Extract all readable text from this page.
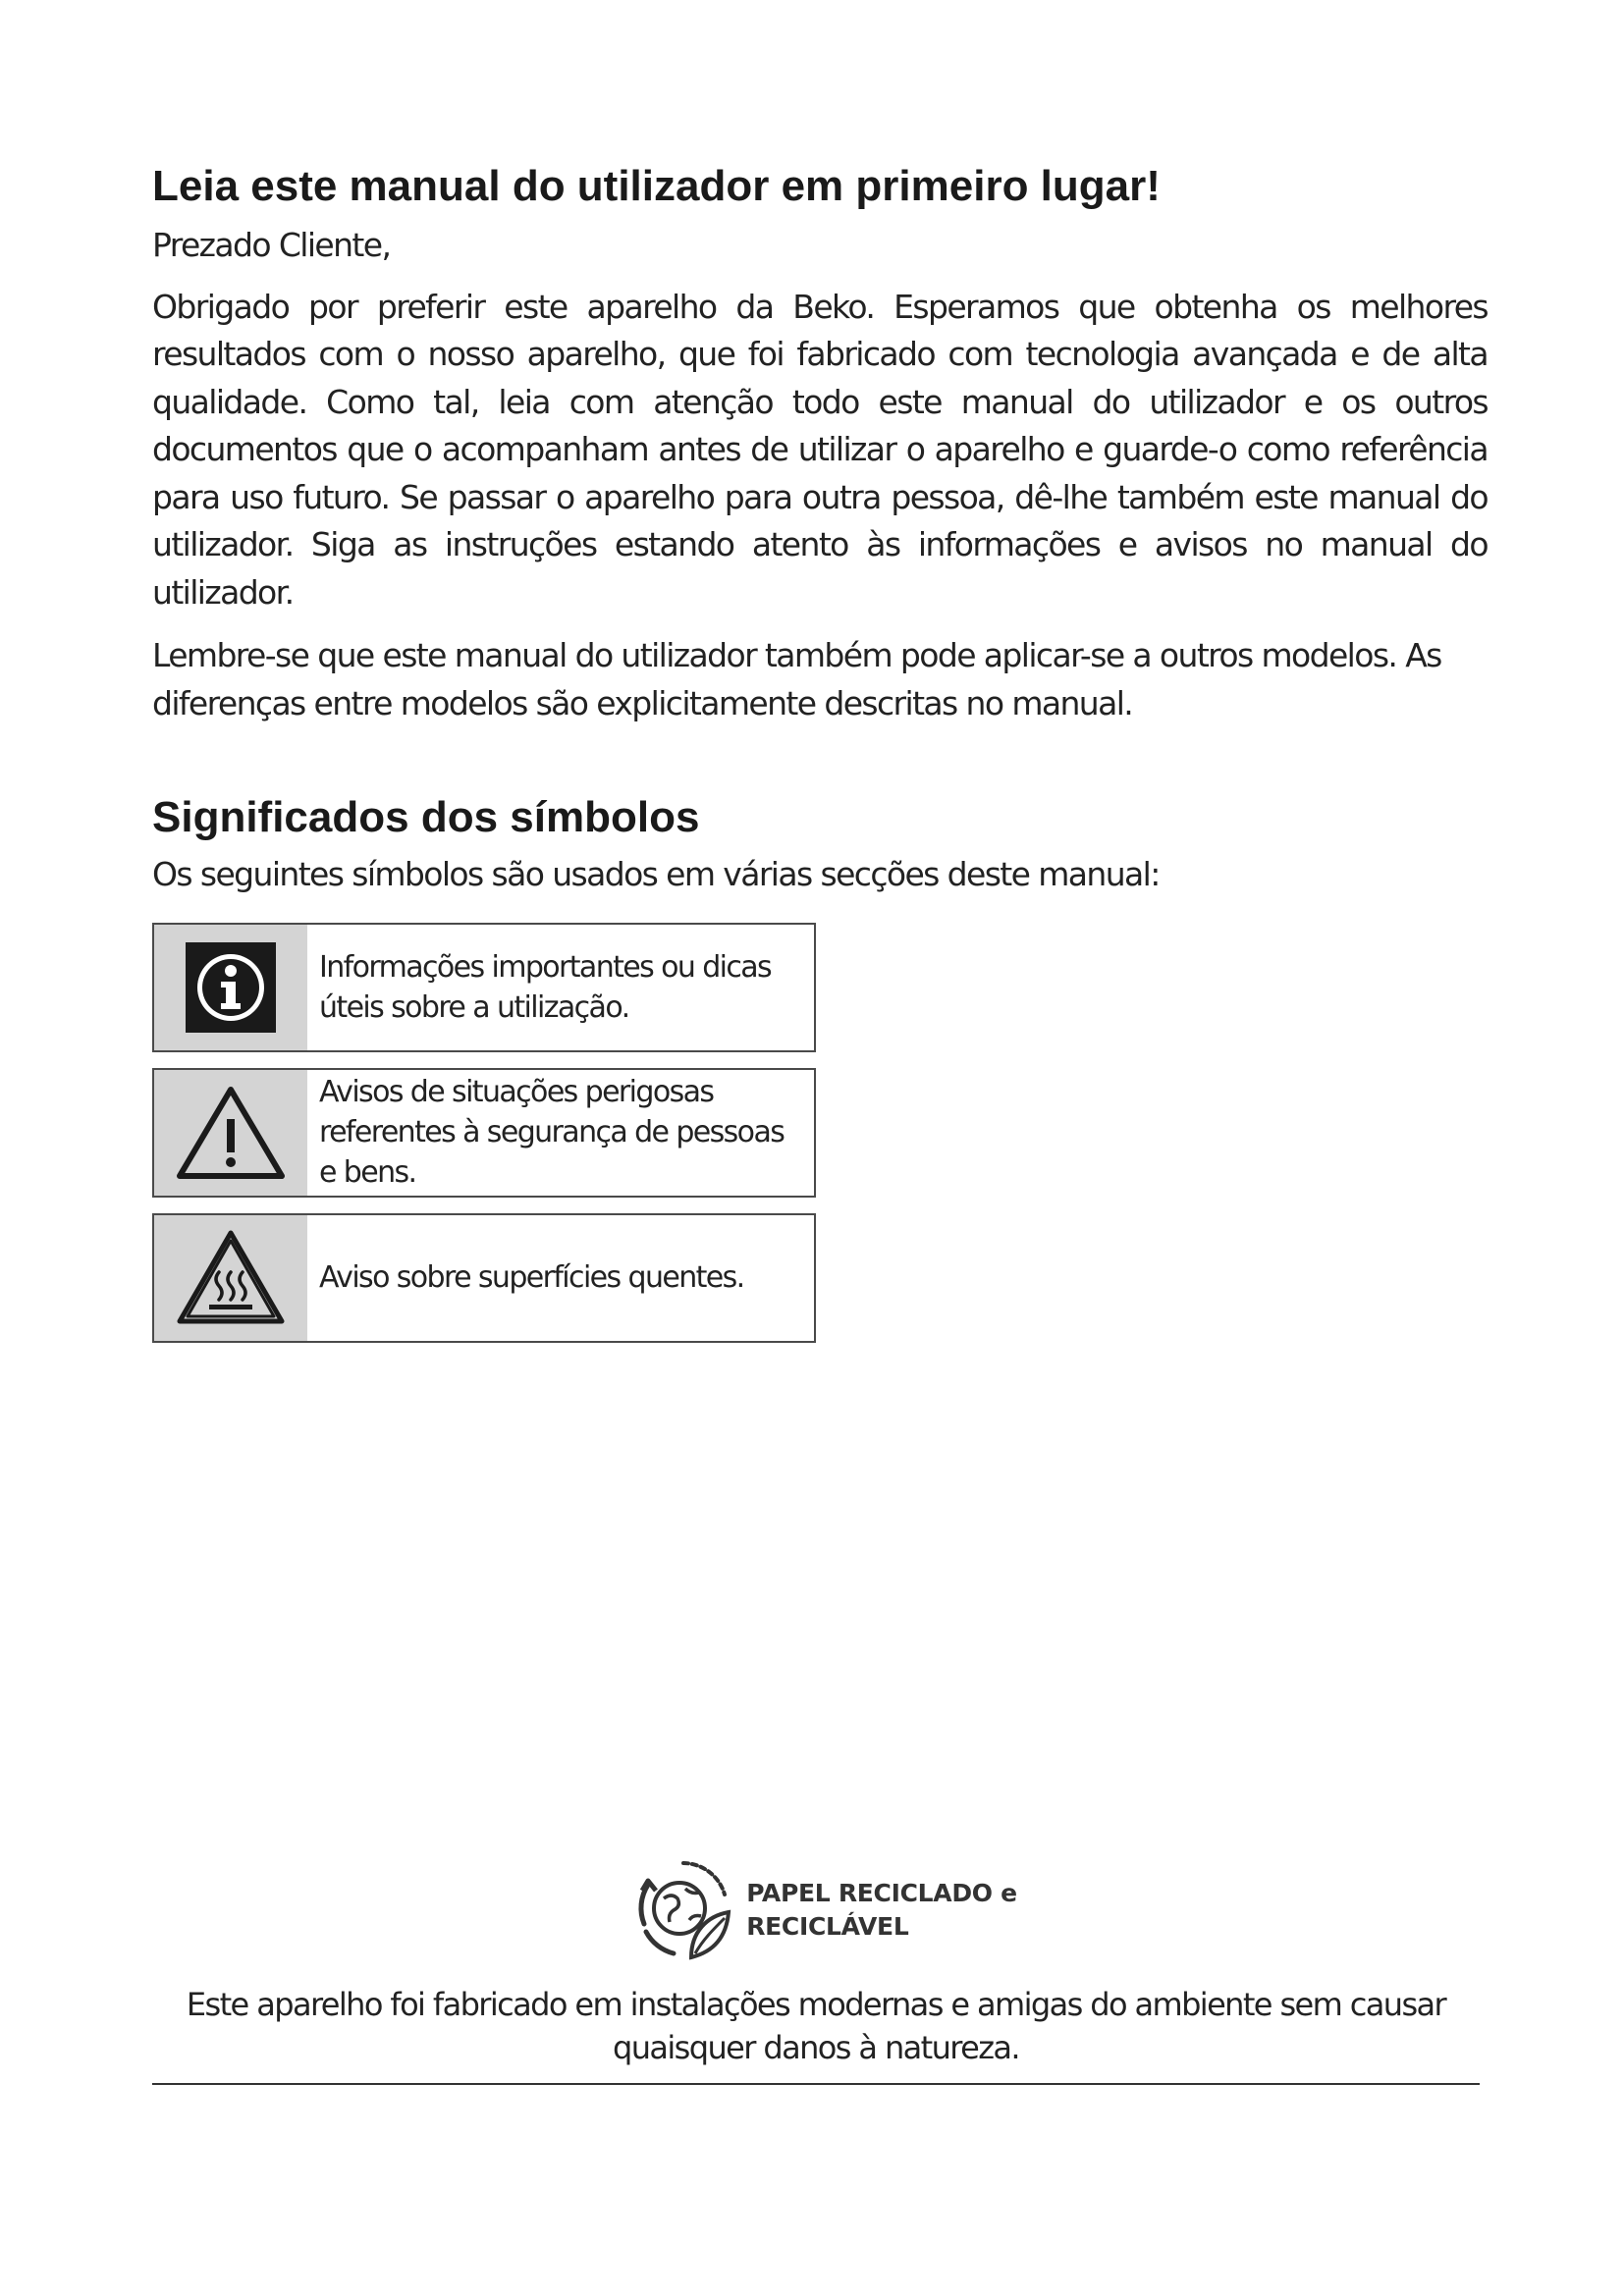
Leia este manual do utilizador em primeiro lugar!

Prezado Cliente,

Obrigado por preferir este aparelho da Beko. Esperamos que obtenha os melhores resultados com o nosso aparelho, que foi fabricado com tecnologia avançada e de alta qualidade. Como tal, leia com atenção todo este manual do utilizador e os outros documentos que o acompanham antes de utilizar o aparelho e guarde-o como referência para uso futuro. Se passar o aparelho para outra pessoa, dê-lhe também este manual do utilizador. Siga as instruções estando atento às informações e avisos no manual do utilizador.

Lembre-se que este manual do utilizador também pode aplicar-se a outros modelos. As diferenças entre modelos são explicitamente descritas no manual.

Significados dos símbolos

Os seguintes símbolos são usados em várias secções deste manual:

Informações importantes ou dicas úteis sobre a utilização.
Avisos de situações perigosas referentes à segurança de pessoas e bens.
Aviso sobre superfícies quentes.
PAPEL RECICLADO e
RECICLÁVEL
Este aparelho foi fabricado em instalações modernas e amigas do ambiente sem causar quaisquer danos à natureza.
